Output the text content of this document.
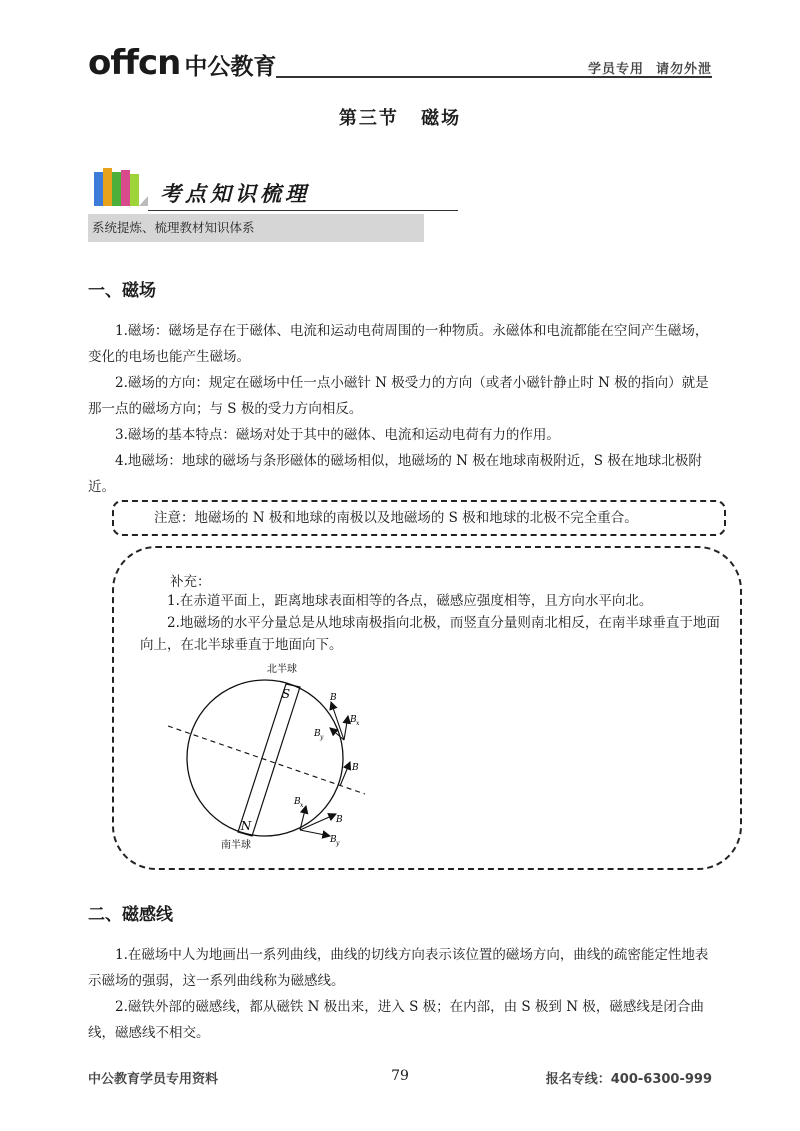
offcn 中公教育	学员专用 请勿外泄
第三节 磁场
考点知识梳理
系统提炼、梳理教材知识体系
一、磁场
1.磁场：磁场是存在于磁体、电流和运动电荷周围的一种物质。永磁体和电流都能在空间产生磁场，变化的电场也能产生磁场。
2.磁场的方向：规定在磁场中任一点小磁针 N 极受力的方向（或者小磁针静止时 N 极的指向）就是那一点的磁场方向；与 S 极的受力方向相反。
3.磁场的基本特点：磁场对处于其中的磁体、电流和运动电荷有力的作用。
4.地磁场：地球的磁场与条形磁体的磁场相似，地磁场的 N 极在地球南极附近，S 极在地球北极附近。
注意：地磁场的 N 极和地球的南极以及地磁场的 S 极和地球的北极不完全重合。
补充：
1.在赤道平面上，距离地球表面相等的各点，磁感应强度相等，且方向水平向北。
2.地磁场的水平分量总是从地球南极指向北极，而竖直分量则南北相反，在南半球垂直于地面向上，在北半球垂直于地面向下。
北半球
南半球
S
N
B
B x
B y
B
B
B x
B y
二、磁感线
1.在磁场中人为地画出一系列曲线，曲线的切线方向表示该位置的磁场方向，曲线的疏密能定性地表示磁场的强弱，这一系列曲线称为磁感线。
2.磁铁外部的磁感线，都从磁铁 N 极出来，进入 S 极；在内部，由 S 极到 N 极，磁感线是闭合曲线，磁感线不相交。
中公教育学员专用资料	79	报名专线：400-6300-999
